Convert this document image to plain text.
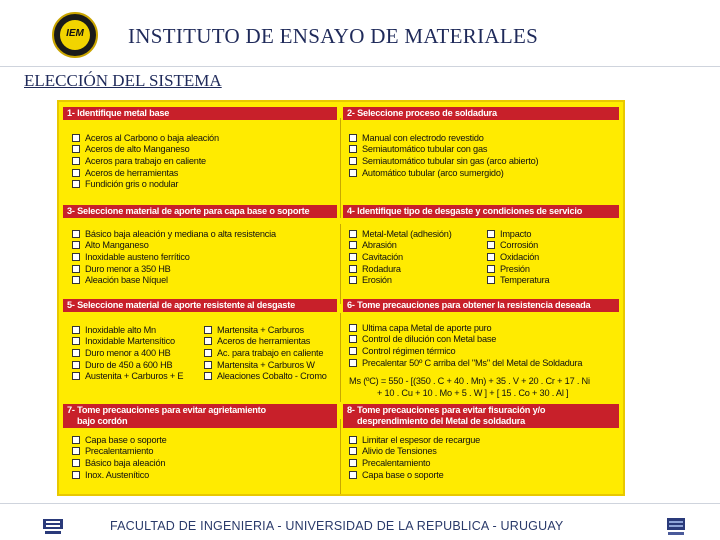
IEM INSTITUTO DE ENSAYO DE MATERIALES
ELECCIÓN DEL SISTEMA
1- Identifique metal base
Aceros al Carbono o baja aleación
Aceros de alto Manganeso
Aceros para trabajo en caliente
Aceros de herramientas
Fundición gris o nodular
2- Seleccione proceso de soldadura
Manual con electrodo revestido
Semiautomático tubular con gas
Semiautomático tubular sin gas (arco abierto)
Automático tubular (arco sumergido)
3- Seleccione material de aporte para capa base o soporte
Básico baja aleación y mediana o alta resistencia
Alto Manganeso
Inoxidable austeno ferrítico
Duro menor a 350 HB
Aleación base Níquel
4- Identifique tipo de desgaste y condiciones de servicio
Metal-Metal (adhesión)
Abrasión
Cavitación
Rodadura
Erosión
Impacto
Corrosión
Oxidación
Presión
Temperatura
5- Seleccione material de aporte resistente al desgaste
Inoxidable alto Mn
Inoxidable Martensítico
Duro menor a 400 HB
Duro de 450 a 600 HB
Austenita + Carburos + E
Martensita + Carburos
Aceros de herramientas
Ac. para trabajo en caliente
Martensita + Carburos W
Aleaciones Cobalto - Cromo
6- Tome precauciones para obtener la resistencia deseada
Ultima capa Metal de aporte puro
Control de dilución con Metal base
Control régimen térmico
Precalentar 50º C arriba del "Ms" del Metal de Soldadura
Ms (ºC) = 550 - [(350 . C + 40 . Mn) + 35 . V + 20 . Cr + 17 . Ni
+ 10 . Cu + 10 . Mo + 5 . W ] + [ 15 . Co + 30 . Al ]
7- Tome precauciones para evitar agrietamiento
bajo cordón
Capa base o soporte
Precalentamiento
Básico baja aleación
Inox. Austenítico
8- Tome precauciones para evitar fisuración y/o
desprendimiento del Metal de soldadura
Limitar el espesor de recargue
Alivio de Tensiones
Precalentamiento
Capa base o soporte
FACULTAD DE INGENIERIA - UNIVERSIDAD DE LA REPUBLICA - URUGUAY
